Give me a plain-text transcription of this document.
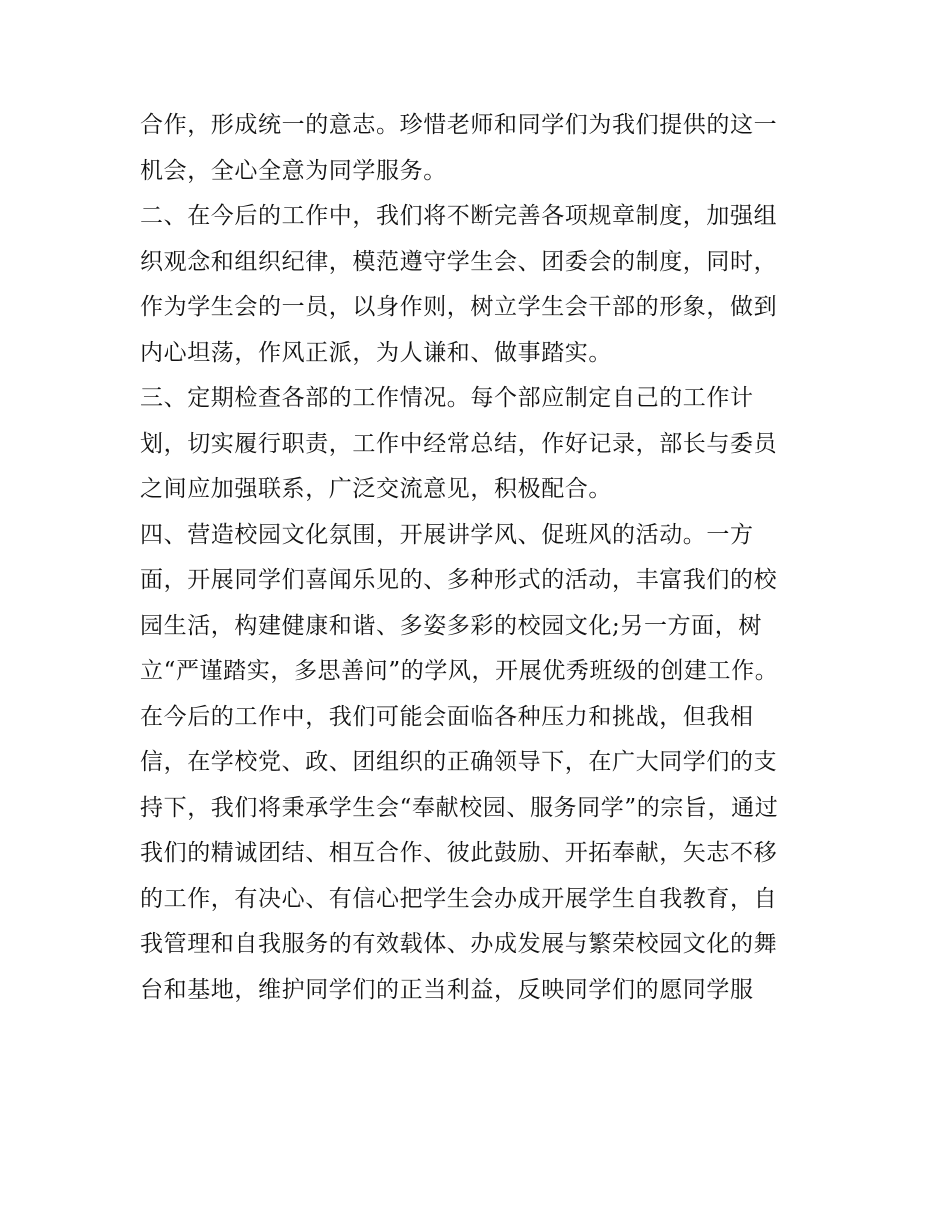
合作，形成统一的意志。珍惜老师和同学们为我们提供的这一
机会，全心全意为同学服务。
二、在今后的工作中，我们将不断完善各项规章制度，加强组
织观念和组织纪律，模范遵守学生会、团委会的制度，同时，
作为学生会的一员，以身作则，树立学生会干部的形象，做到
内心坦荡，作风正派，为人谦和、做事踏实。
三、定期检查各部的工作情况。每个部应制定自己的工作计
划，切实履行职责，工作中经常总结，作好记录，部长与委员
之间应加强联系，广泛交流意见，积极配合。
四、营造校园文化氛围，开展讲学风、促班风的活动。一方
面，开展同学们喜闻乐见的、多种形式的活动，丰富我们的校
园生活，构建健康和谐、多姿多彩的校园文化;另一方面，树
立“严谨踏实，多思善问”的学风，开展优秀班级的创建工作。
在今后的工作中，我们可能会面临各种压力和挑战，但我相
信，在学校党、政、团组织的正确领导下，在广大同学们的支
持下，我们将秉承学生会“奉献校园、服务同学”的宗旨，通过
我们的精诚团结、相互合作、彼此鼓励、开拓奉献，矢志不移
的工作，有决心、有信心把学生会办成开展学生自我教育，自
我管理和自我服务的有效载体、办成发展与繁荣校园文化的舞
台和基地，维护同学们的正当利益，反映同学们的愿同学服
